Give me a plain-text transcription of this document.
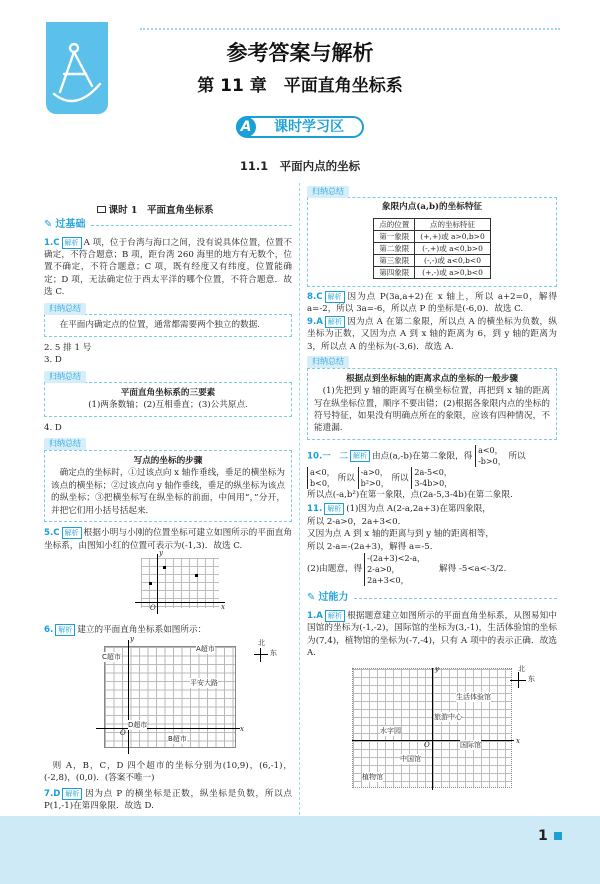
参考答案与解析
第 11 章　平面直角坐标系
A	课时学习区
11.1　平面内点的坐标

课时 1　平面直角坐标系

✎ 过基础

1.C 解析 A 项，位于台湾与海口之间，没有说具体位置，位置不确定，不符合题意；B 项，距台湾 260 海里的地方有无数个，位置不确定，不符合题意；C 项，既有经度又有纬度，位置能确定；D 项，无法确定位于西太平洋的哪个位置，不符合题意．故选 C.

归纳总结

在平面内确定点的位置，通常都需要两个独立的数据.

2. 5 排 1 号

3. D

归纳总结

平面直角坐标系的三要素

(1)两条数轴；(2)互相垂直；(3)公共原点.

4. D

归纳总结

写点的坐标的步骤

确定点的坐标时，①过该点向 x 轴作垂线，垂足的横坐标为该点的横坐标；②过该点向 y 轴作垂线，垂足的纵坐标为该点的纵坐标；③把横坐标写在纵坐标的前面，中间用“，”分开，并把它们用小括号括起来.

5.C 解析 根据小明与小刚的位置坐标可建立如图所示的平面直角坐标系，由图知小红的位置可表示为(-1,3)．故选 C.

y
x
O
6. 解析 建立的平面直角坐标系如图所示：
A超市
C超市
平安大路
D超市
B超市
O	x
y	北
东

则 A，B，C，D 四个超市的坐标分别为(10,9)，(6,-1)，(-2,8)，(0,0)．(答案不唯一)

7.D 解析 因为点 P 的横坐标是正数，纵坐标是负数，所以点 P(1,-1)在第四象限．故选 D.

归纳总结

象限内点(a,b)的坐标特征

点的位置	点的坐标特征
第一象限	(+,+)或 a>0,b>0
第二象限	(-,+)或 a<0,b>0
第三象限	(-,-)或 a<0,b<0
第四象限	(+,-)或 a>0,b<0

8.C 解析 因为点 P(3a,a+2)在 x 轴上，所以 a+2=0，解得 a=-2，所以 3a=-6，所以点 P 的坐标是(-6,0)．故选 C.

9.A 解析 因为点 A 在第二象限，所以点 A 的横坐标为负数，纵坐标为正数，又因为点 A 到 x 轴的距离为 6，到 y 轴的距离为 3，所以点 A 的坐标为(-3,6)．故选 A.

归纳总结

根据点到坐标轴的距离求点的坐标的一般步骤

(1)先把到 y 轴的距离写在横坐标位置，再把到 x 轴的距离写在纵坐标位置，顺序不要出错；(2)根据各象限内点的坐标的符号特征，如果没有明确点所在的象限，应该有四种情况，不能遗漏.

10.一　二 解析 由点(a,-b)在第二象限，得 a<0，
-b>0， 所以
a<0，
b<0， 所以 -a>0，
b²>0， 所以 2a-5<0，
3-4b>0，

所以点(-a,b²)在第一象限，点(2a-5,3-4b)在第二象限.

11. 解析 (1)因为点 A(2-a,2a+3)在第四象限，

所以 2-a>0，2a+3<0.

又因为点 A 到 x 轴的距离与到 y 轴的距离相等，

所以 2-a=-(2a+3)，解得 a=-5.

(2)由题意，得
-(2a+3)<2-a，
2-a>0，
2a+3<0，
解得 -5<a<-3/2.
✎ 过能力

1.A 解析 根据题意建立如图所示的平面直角坐标系，从图易知中国馆的坐标为(-1,-2)，国际馆的坐标为(3,-1)，生活体验馆的坐标为(7,4)，植物馆的坐标为(-7,-4)，只有 A 项中的表示正确．故选 A.

生活体验馆
旅游中心
水字园
中国馆
国际馆
植物馆
O	x
y	北
东
1
